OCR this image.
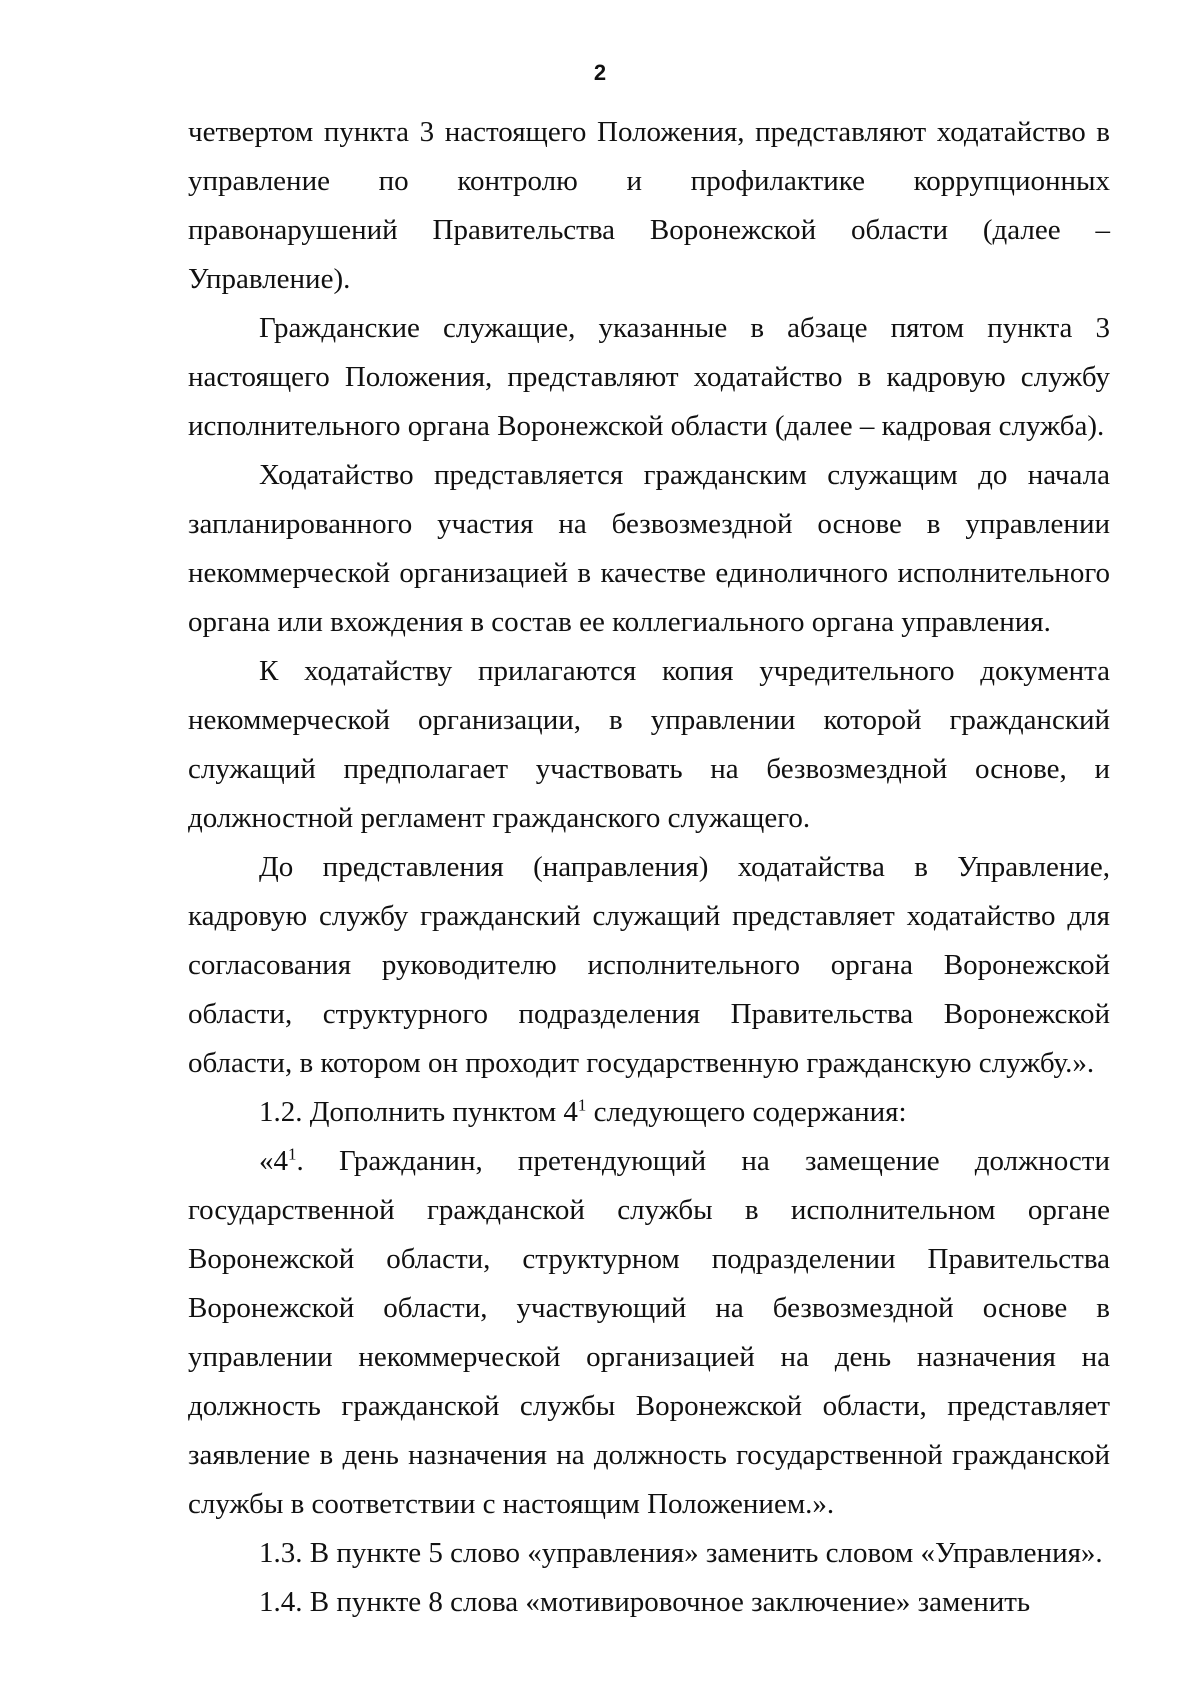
2

четвертом пункта 3 настоящего Положения, представляют ходатайство в управление по контролю и профилактике коррупционных правонарушений Правительства Воронежской области (далее – Управление).

Гражданские служащие, указанные в абзаце пятом пункта 3 настоящего Положения, представляют ходатайство в кадровую службу исполнительного органа Воронежской области (далее – кадровая служба).

Ходатайство представляется гражданским служащим до начала запланированного участия на безвозмездной основе в управлении некоммерческой организацией в качестве единоличного исполнительного органа или вхождения в состав ее коллегиального органа управления.

К ходатайству прилагаются копия учредительного документа некоммерческой организации, в управлении которой гражданский служащий предполагает участвовать на безвозмездной основе, и должностной регламент гражданского служащего.

До представления (направления) ходатайства в Управление, кадровую службу гражданский служащий представляет ходатайство для согласования руководителю исполнительного органа Воронежской области, структурного подразделения Правительства Воронежской области, в котором он проходит государственную гражданскую службу.».

1.2. Дополнить пунктом $4^1$ следующего содержания:

«$4^1$. Гражданин, претендующий на замещение должности государственной гражданской службы в исполнительном органе Воронежской области, структурном подразделении Правительства Воронежской области, участвующий на безвозмездной основе в управлении некоммерческой организацией на день назначения на должность гражданской службы Воронежской области, представляет заявление в день назначения на должность государственной гражданской службы в соответствии с настоящим Положением.».

1.3. В пункте 5 слово «управления» заменить словом «Управления».

1.4. В пункте 8 слова «мотивировочное заключение» заменить
